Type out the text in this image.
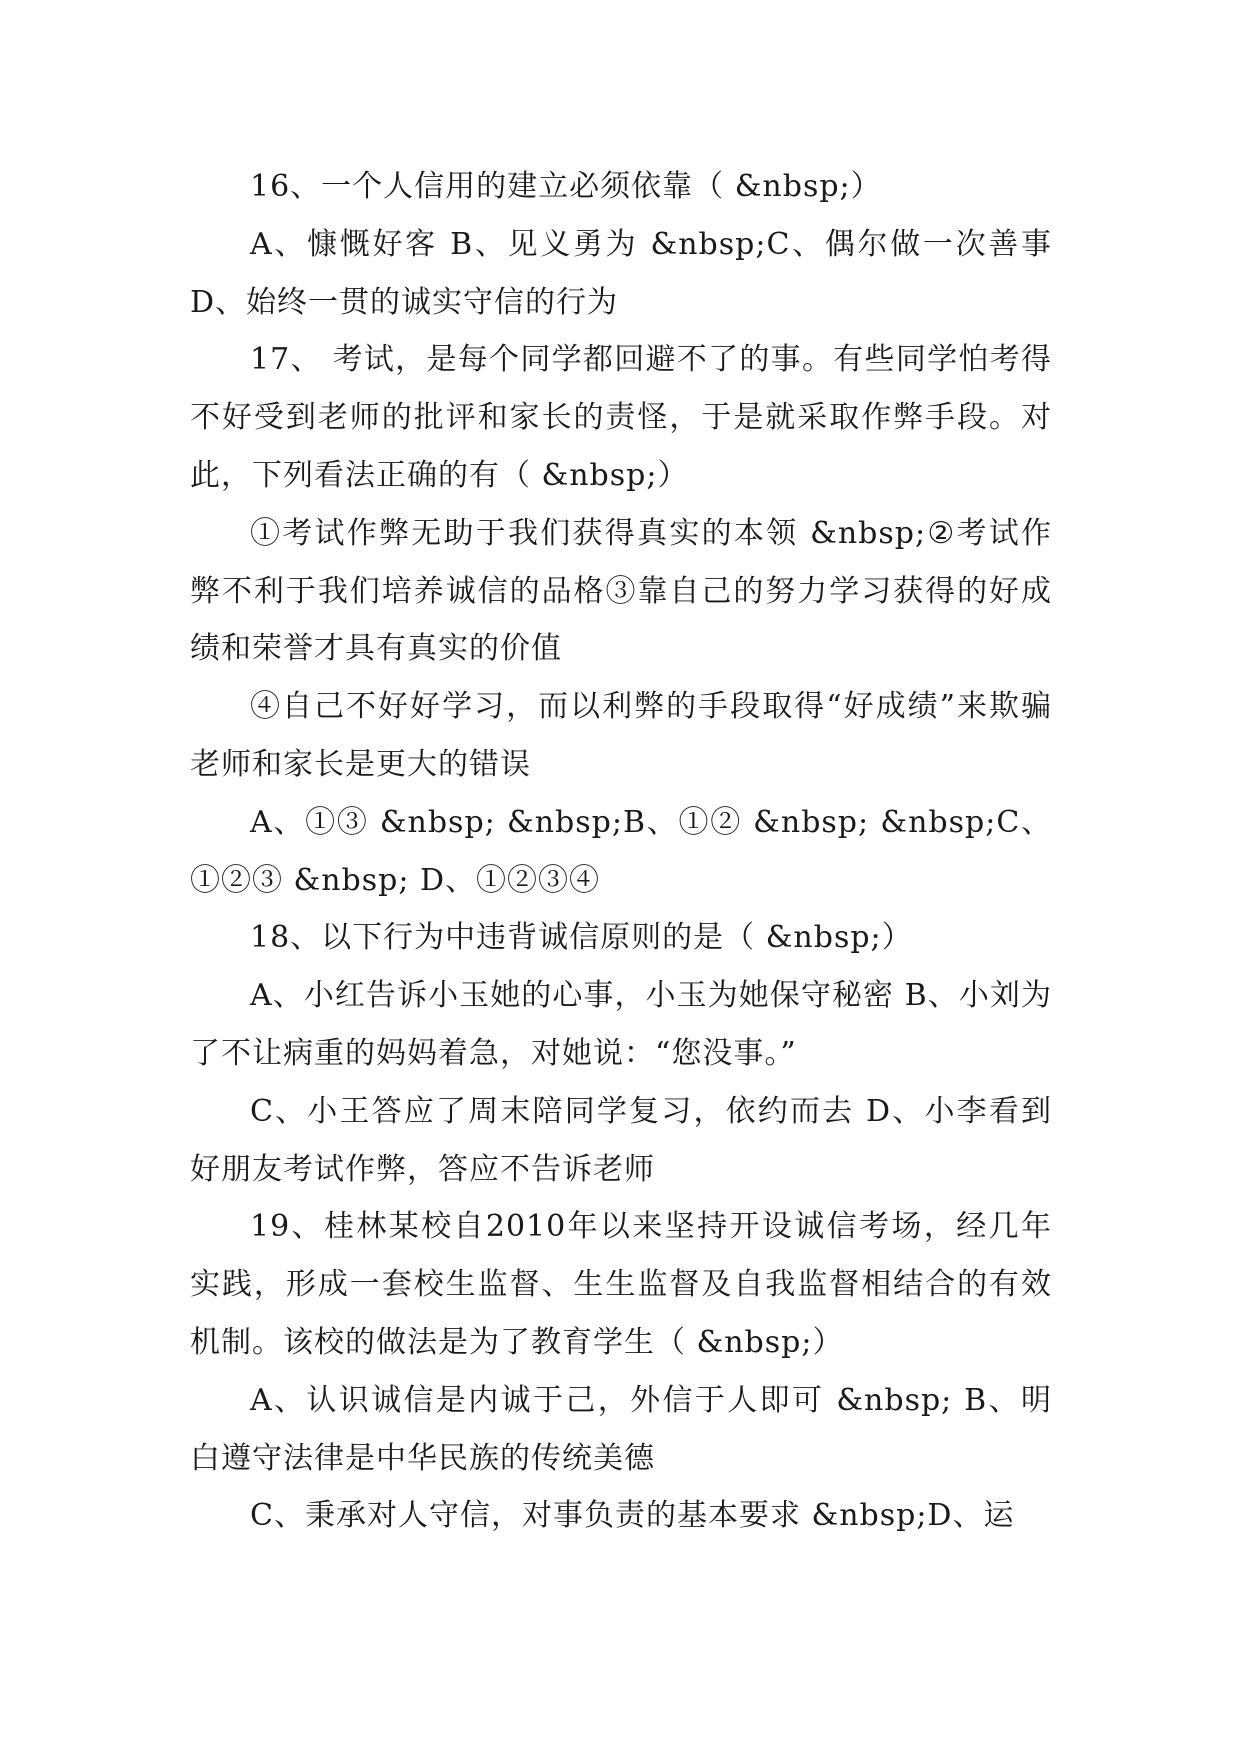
16、一个人信用的建立必须依靠（ &nbsp;）

A、慷慨好客 B、见义勇为 &nbsp;C、偶尔做一次善事 D、始终一贯的诚实守信的行为

17、 考试，是每个同学都回避不了的事。有些同学怕考得不好受到老师的批评和家长的责怪，于是就采取作弊手段。对此，下列看法正确的有（ &nbsp;）

①考试作弊无助于我们获得真实的本领 &nbsp;②考试作弊不利于我们培养诚信的品格③靠自己的努力学习获得的好成绩和荣誉才具有真实的价值

④自己不好好学习，而以利弊的手段取得“好成绩”来欺骗老师和家长是更大的错误

A、①③ &nbsp; &nbsp;B、①② &nbsp; &nbsp;C、①②③ &nbsp; D、①②③④

18、以下行为中违背诚信原则的是（ &nbsp;）

A、小红告诉小玉她的心事，小玉为她保守秘密 B、小刘为了不让病重的妈妈着急，对她说：“您没事。”

C、小王答应了周末陪同学复习，依约而去 D、小李看到好朋友考试作弊，答应不告诉老师

19、桂林某校自2010年以来坚持开设诚信考场，经几年实践，形成一套校生监督、生生监督及自我监督相结合的有效机制。该校的做法是为了教育学生（ &nbsp;）

A、认识诚信是内诚于己，外信于人即可 &nbsp; B、明白遵守法律是中华民族的传统美德

C、秉承对人守信，对事负责的基本要求 &nbsp;D、运
